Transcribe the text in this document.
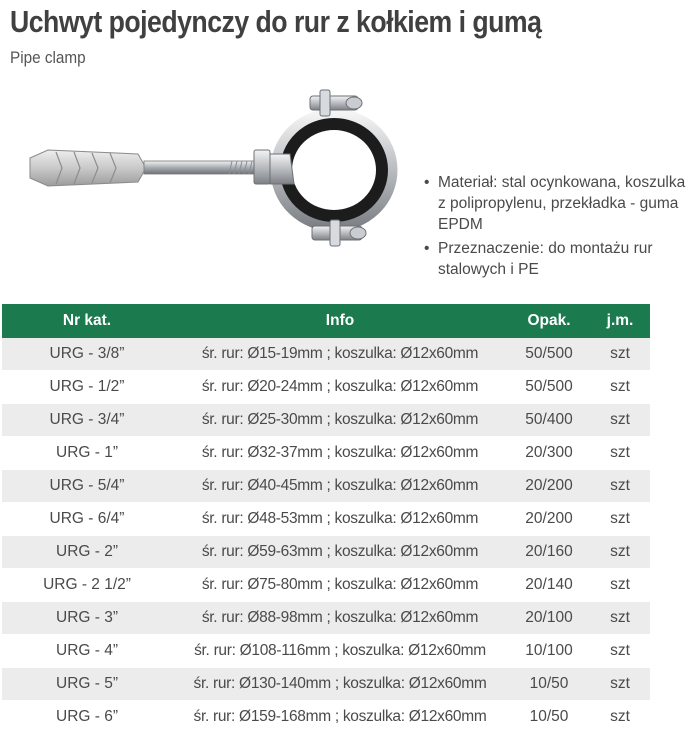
Uchwyt pojedynczy do rur z kołkiem i gumą
Pipe clamp
• Materiał: stal ocynkowana, koszulka z polipropylenu, przekładka - guma EPDM
• Przeznaczenie: do montażu rur stalowych i PE
Nr kat.	Info	Opak.	j.m.
URG - 3/8”	śr. rur: Ø15-19mm ; koszulka: Ø12x60mm	50/500	szt
URG - 1/2”	śr. rur: Ø20-24mm ; koszulka: Ø12x60mm	50/500	szt
URG - 3/4”	śr. rur: Ø25-30mm ; koszulka: Ø12x60mm	50/400	szt
URG - 1”	śr. rur: Ø32-37mm ; koszulka: Ø12x60mm	20/300	szt
URG - 5/4”	śr. rur: Ø40-45mm ; koszulka: Ø12x60mm	20/200	szt
URG - 6/4”	śr. rur: Ø48-53mm ; koszulka: Ø12x60mm	20/200	szt
URG - 2”	śr. rur: Ø59-63mm ; koszulka: Ø12x60mm	20/160	szt
URG - 2 1/2”	śr. rur: Ø75-80mm ; koszulka: Ø12x60mm	20/140	szt
URG - 3”	śr. rur: Ø88-98mm ; koszulka: Ø12x60mm	20/100	szt
URG - 4”	śr. rur: Ø108-116mm ; koszulka: Ø12x60mm	10/100	szt
URG - 5”	śr. rur: Ø130-140mm ; koszulka: Ø12x60mm	10/50	szt
URG - 6”	śr. rur: Ø159-168mm ; koszulka: Ø12x60mm	10/50	szt
